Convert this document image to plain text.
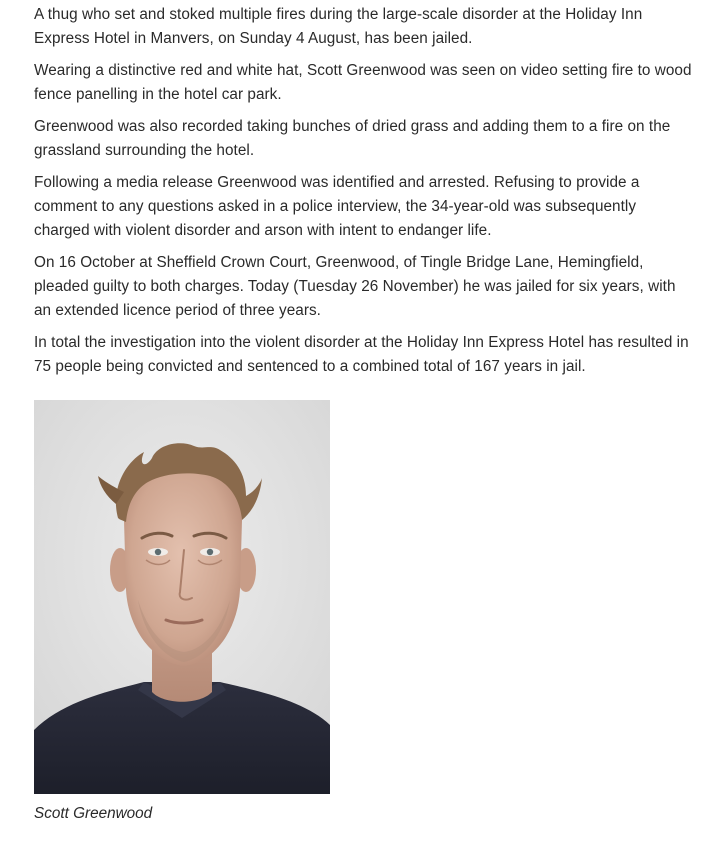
A thug who set and stoked multiple fires during the large-scale disorder at the Holiday Inn Express Hotel in Manvers, on Sunday 4 August, has been jailed.

Wearing a distinctive red and white hat, Scott Greenwood was seen on video setting fire to wood fence panelling in the hotel car park.

Greenwood was also recorded taking bunches of dried grass and adding them to a fire on the grassland surrounding the hotel.

Following a media release Greenwood was identified and arrested. Refusing to provide a comment to any questions asked in a police interview, the 34-year-old was subsequently charged with violent disorder and arson with intent to endanger life.

On 16 October at Sheffield Crown Court, Greenwood, of Tingle Bridge Lane, Hemingfield, pleaded guilty to both charges. Today (Tuesday 26 November) he was jailed for six years, with an extended licence period of three years.

In total the investigation into the violent disorder at the Holiday Inn Express Hotel has resulted in 75 people being convicted and sentenced to a combined total of 167 years in jail.

Scott Greenwood
